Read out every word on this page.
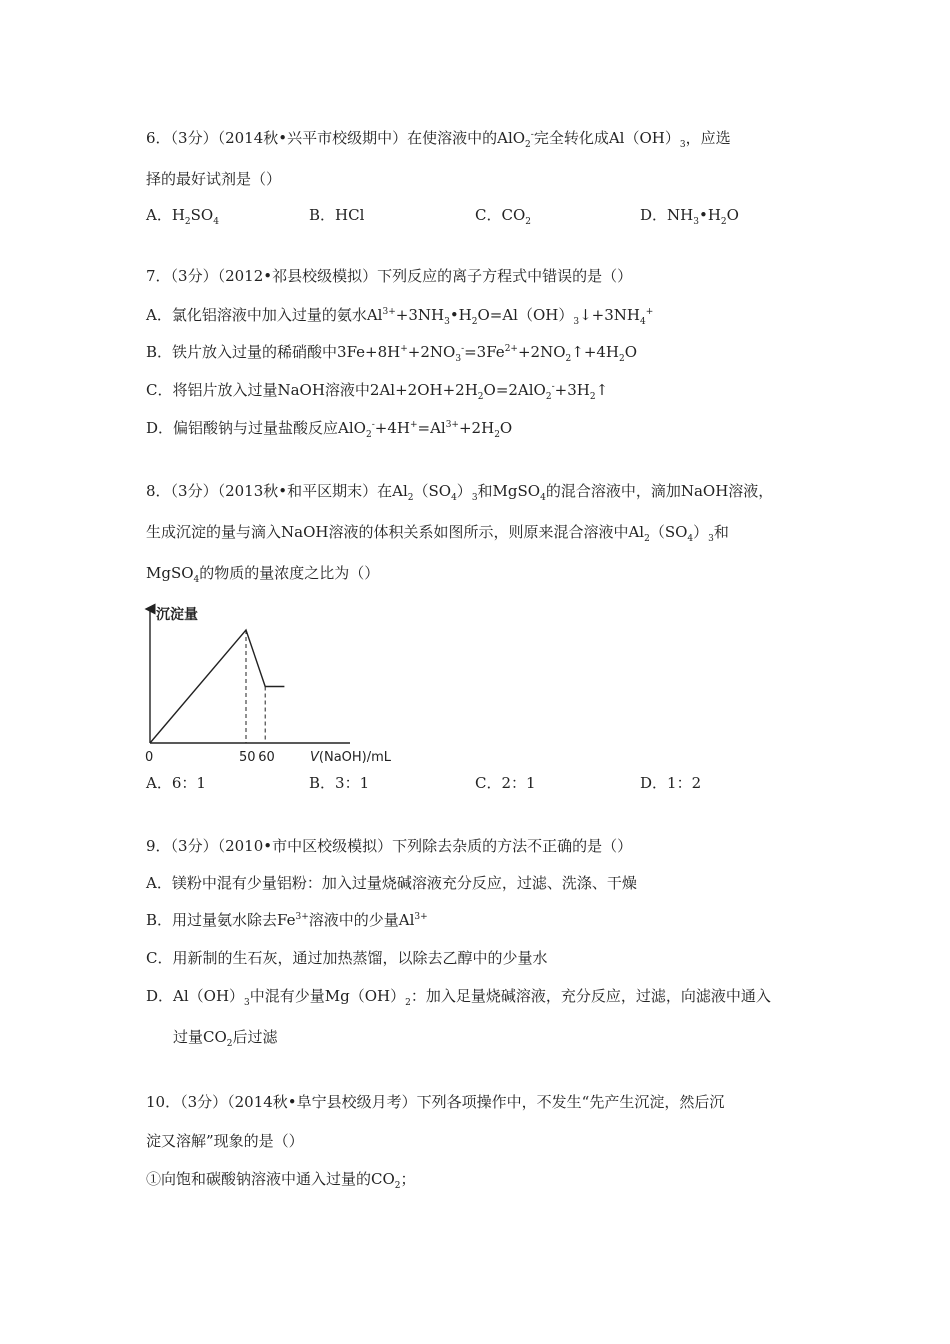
6．（3分）（2014秋•兴平市校级期中）在使溶液中的AlO$_2$-完全转化成$Al(OH)_3$，应选
择的最好试剂是（）
A．$H_2SO_4$	B．HCl	C．$CO_2$	D．$NH_3•H_2O$
7．（3分）（2012•祁县校级模拟）下列反应的离子方程式中错误的是（）
A．氯化铝溶液中加入过量的氨水$Al^{3+}+3NH_3•H_2O=Al(OH)_3↓+3NH_4^+$
B．铁片放入过量的稀硝酸中$3Fe+8H^++2NO_3^-=3Fe^{2+}+2NO_2↑+4H_2O$
C．将铝片放入过量NaOH溶液中$2Al+2OH+2H_2O=2AlO_2^-+3H_2↑$
D．偏铝酸钠与过量盐酸反应$AlO_2^-+4H^+=Al^{3+}+2H_2O$
8．（3分）（2013秋•和平区期末）在$Al_2(SO_4)_3$和MgSO$_4$的混合溶液中，滴加NaOH溶液，
生成沉淀的量与滴入NaOH溶液的体积关系如图所示，则原来混合溶液中$Al_2(SO_4)_3$和
MgSO$_4$的物质的量浓度之比为（）
沉淀量
0	50 60	V(NaOH)/mL
A．6：1	B．3：1	C．2：1	D．1：2
9．（3分）（2010•市中区校级模拟）下列除去杂质的方法不正确的是（）
A．镁粉中混有少量铝粉：加入过量烧碱溶液充分反应，过滤、洗涤、干燥
B．用过量氨水除去$Fe^{3+}$溶液中的少量$Al^{3+}$
C．用新制的生石灰，通过加热蒸馏，以除去乙醇中的少量水
D．$Al(OH)_3$中混有少量$Mg(OH)_2$：加入足量烧碱溶液，充分反应，过滤，向滤液中通入
过量$CO_2$后过滤
10．（3分）（2014秋•阜宁县校级月考）下列各项操作中，不发生“先产生沉淀，然后沉
淀又溶解”现象的是（）
①向饱和碳酸钠溶液中通入过量的$CO_2$；
